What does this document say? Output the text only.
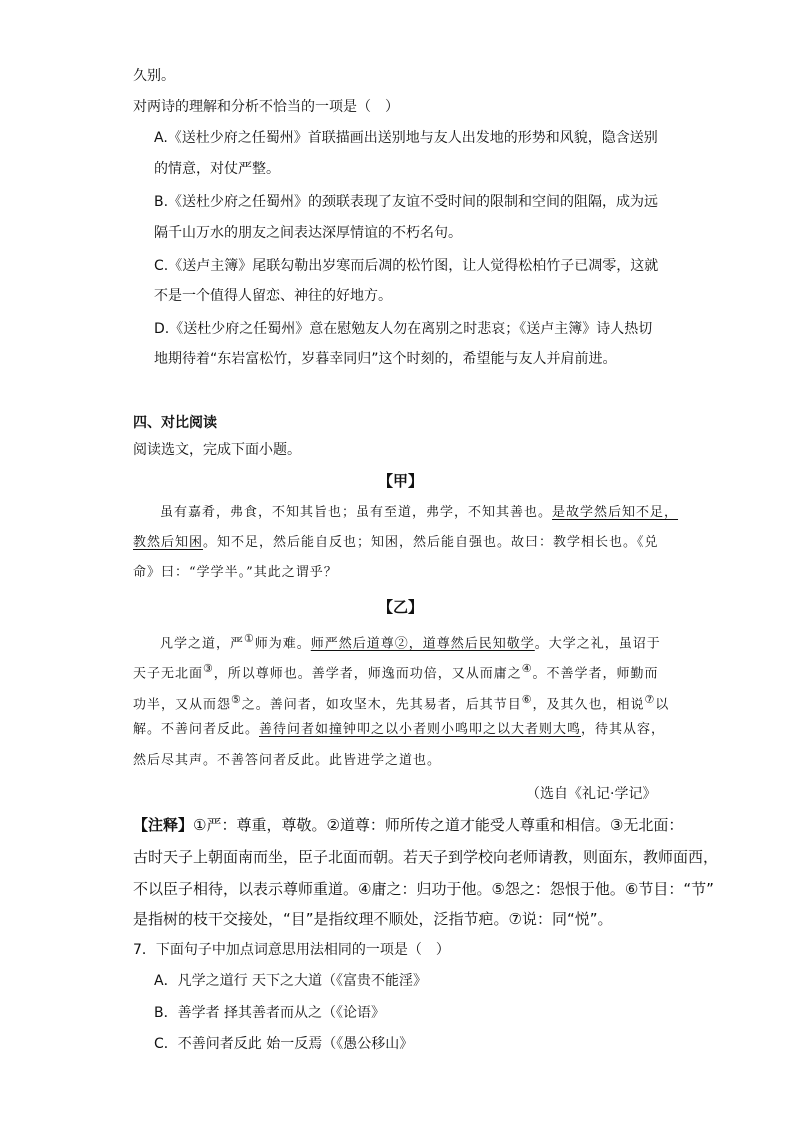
久别。
对两诗的理解和分析不恰当的一项是（　）
A.《送杜少府之任蜀州》首联描画出送别地与友人出发地的形势和风貌，隐含送别
的情意，对仗严整。
B.《送杜少府之任蜀州》的颈联表现了友谊不受时间的限制和空间的阻隔，成为远
隔千山万水的朋友之间表达深厚情谊的不朽名句。
C.《送卢主簿》尾联勾勒出岁寒而后凋的松竹图，让人觉得松柏竹子已凋零，这就
不是一个值得人留恋、神往的好地方。
D.《送杜少府之任蜀州》意在慰勉友人勿在离别之时悲哀；《送卢主簿》诗人热切
地期待着“东岩富松竹，岁暮幸同归”这个时刻的，希望能与友人并肩前进。
四、对比阅读
阅读选文，完成下面小题。
【甲】
虽有嘉肴，弗食，不知其旨也；虽有至道，弗学，不知其善也。是故学然后知不足，
教然后知困。知不足，然后能自反也；知困，然后能自强也。故曰：教学相长也。《兑
命》曰：“学学半。”其此之谓乎？
【乙】
凡学之道，严①师为难。师严然后道尊②，道尊然后民知敬学。大学之礼，虽诏于
天子无北面③，所以尊师也。善学者，师逸而功倍，又从而庸之④。不善学者，师勤而
功半，又从而怨⑤之。善问者，如攻坚木，先其易者，后其节目⑥，及其久也，相说⑦以
解。不善问者反此。善待问者如撞钟叩之以小者则小鸣叩之以大者则大鸣，待其从容，
然后尽其声。不善答问者反此。此皆进学之道也。
（选自《礼记·学记》
【注释】①严：尊重，尊敬。②道尊：师所传之道才能受人尊重和相信。③无北面：
古时天子上朝面南而坐，臣子北面而朝。若天子到学校向老师请教，则面东，教师面西，
不以臣子相待，以表示尊师重道。④庸之：归功于他。⑤怨之：怨恨于他。⑥节目：“节”
是指树的枝干交接处，“目”是指纹理不顺处，泛指节疤。⑦说：同“悦”。
7．下面句子中加点词意思用法相同的一项是（　）
A．凡学之道行 天下之大道（《富贵不能淫》
B．善学者 择其善者而从之（《论语》
C．不善问者反此 始一反焉（《愚公移山》
